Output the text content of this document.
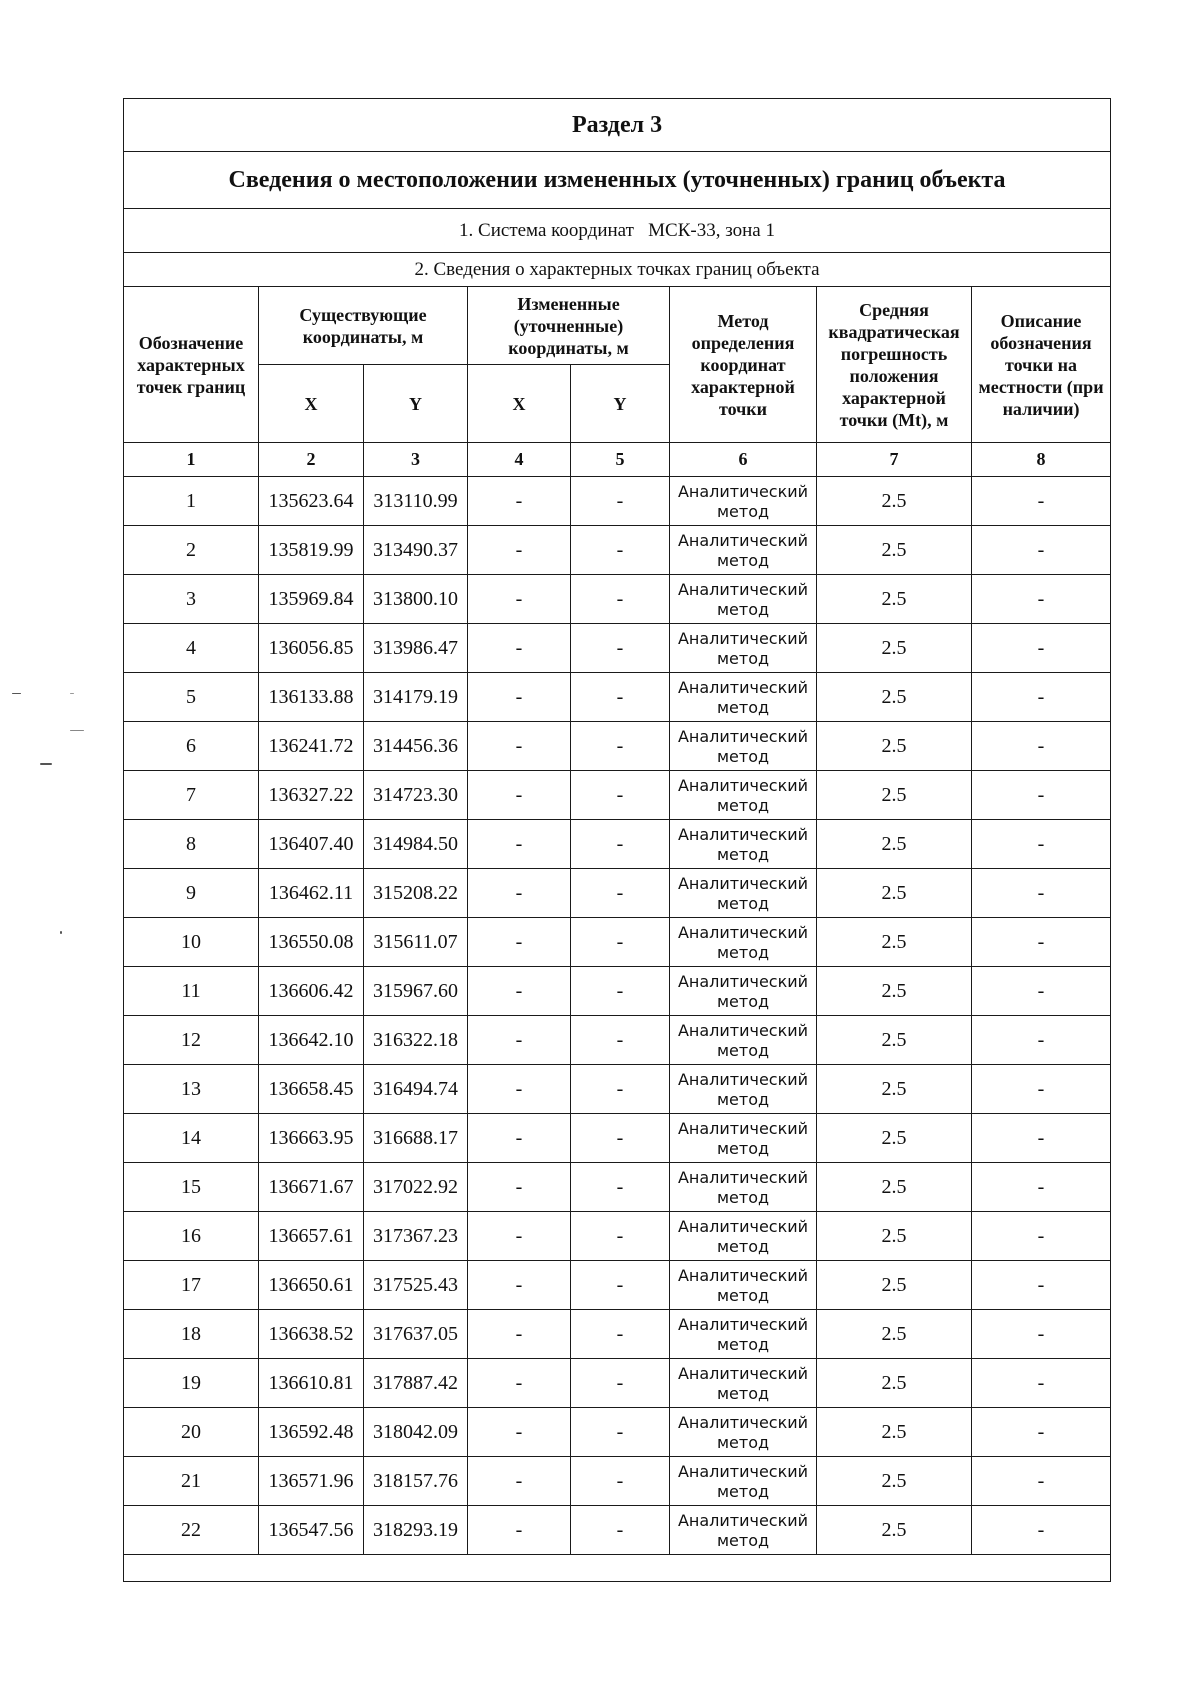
Раздел 3							
Сведения о местоположении измененных (уточненных) границ объекта							
1. Система координат   МСК-33, зона 1							
2. Сведения о характерных точках границ объекта							
Обозначение характерных точек границ	Существующие координаты, м		Измененные (уточненные) координаты, м		Метод определения координат характерной точки	Средняя квадратическая погрешность положения характерной точки (Mt), м	Описание обозначения точки на местности (при наличии)
	X	Y	X	Y			
1	2	3	4	5	6	7	8
1	135623.64	313110.99	-	-	Аналитический метод	2.5	-
2	135819.99	313490.37	-	-	Аналитический метод	2.5	-
3	135969.84	313800.10	-	-	Аналитический метод	2.5	-
4	136056.85	313986.47	-	-	Аналитический метод	2.5	-
5	136133.88	314179.19	-	-	Аналитический метод	2.5	-
6	136241.72	314456.36	-	-	Аналитический метод	2.5	-
7	136327.22	314723.30	-	-	Аналитический метод	2.5	-
8	136407.40	314984.50	-	-	Аналитический метод	2.5	-
9	136462.11	315208.22	-	-	Аналитический метод	2.5	-
10	136550.08	315611.07	-	-	Аналитический метод	2.5	-
11	136606.42	315967.60	-	-	Аналитический метод	2.5	-
12	136642.10	316322.18	-	-	Аналитический метод	2.5	-
13	136658.45	316494.74	-	-	Аналитический метод	2.5	-
14	136663.95	316688.17	-	-	Аналитический метод	2.5	-
15	136671.67	317022.92	-	-	Аналитический метод	2.5	-
16	136657.61	317367.23	-	-	Аналитический метод	2.5	-
17	136650.61	317525.43	-	-	Аналитический метод	2.5	-
18	136638.52	317637.05	-	-	Аналитический метод	2.5	-
19	136610.81	317887.42	-	-	Аналитический метод	2.5	-
20	136592.48	318042.09	-	-	Аналитический метод	2.5	-
21	136571.96	318157.76	-	-	Аналитический метод	2.5	-
22	136547.56	318293.19	-	-	Аналитический метод	2.5	-
